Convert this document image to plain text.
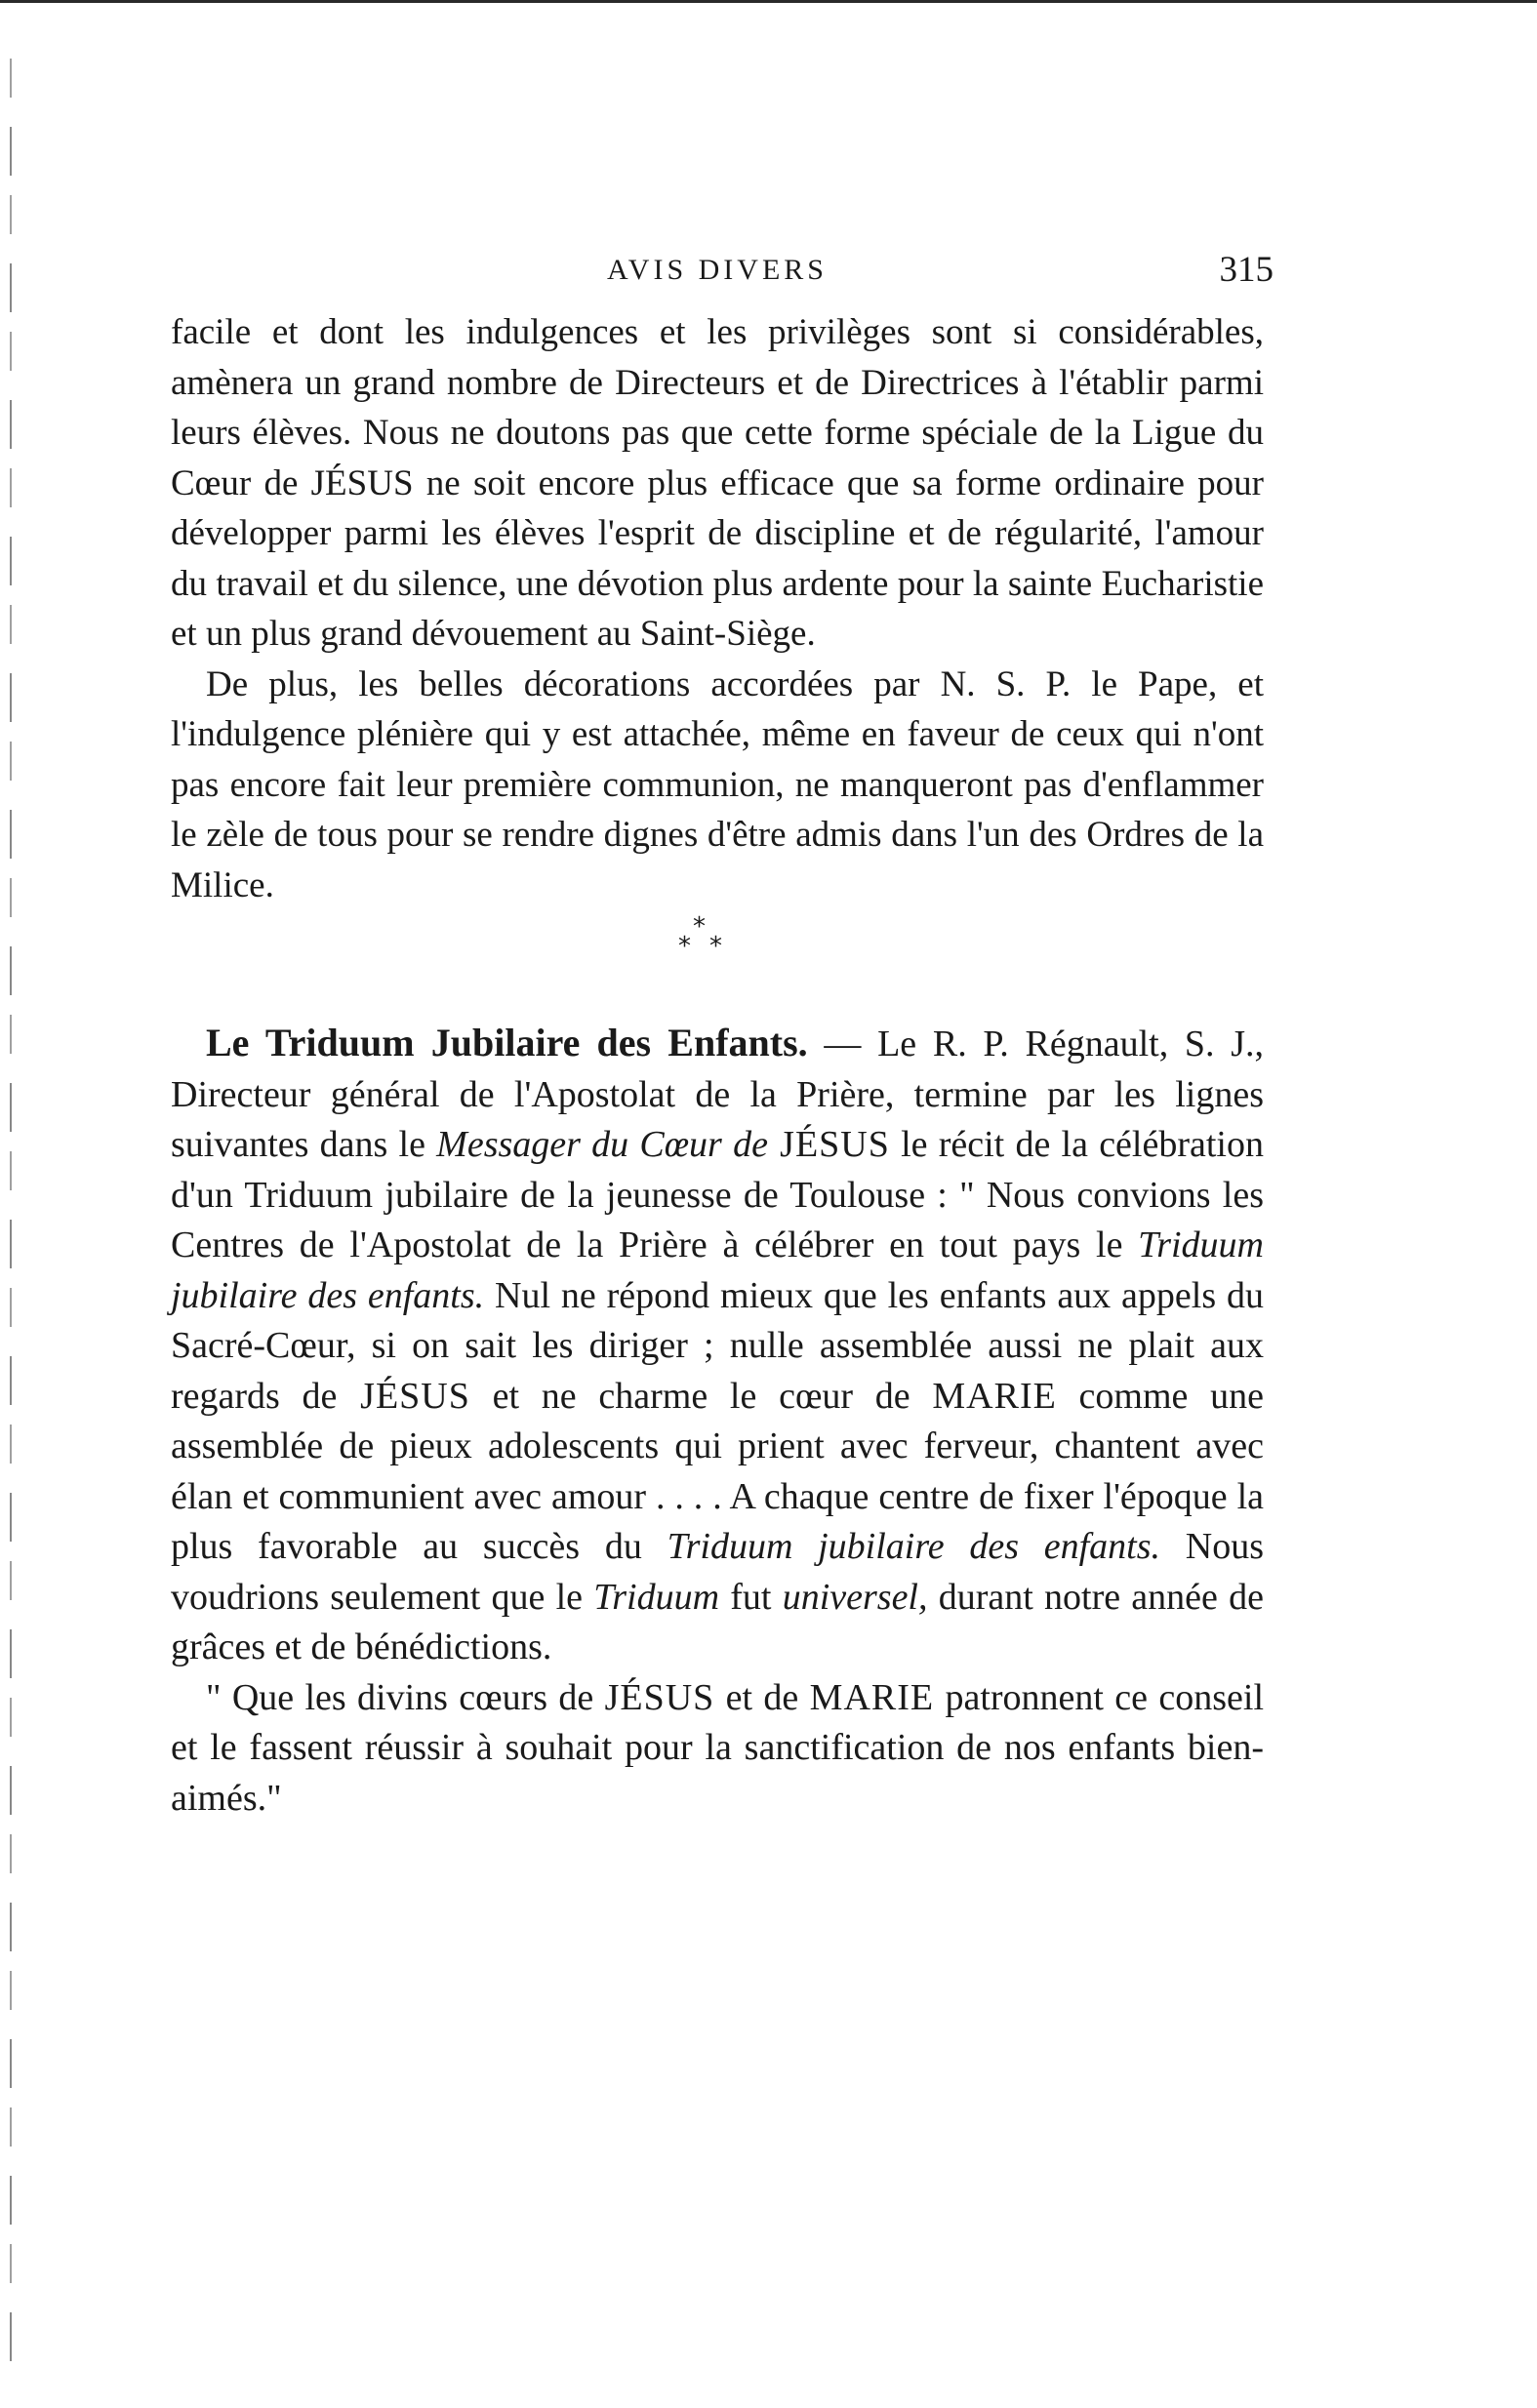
AVIS DIVERS	315

facile et dont les indulgences et les privilèges sont si considérables, amènera un grand nombre de Directeurs et de Directrices à l'établir parmi leurs élèves. Nous ne doutons pas que cette forme spéciale de la Ligue du Cœur de JÉSUS ne soit encore plus efficace que sa forme ordinaire pour développer parmi les élèves l'esprit de discipline et de régularité, l'amour du travail et du silence, une dévotion plus ardente pour la sainte Eucharistie et un plus grand dévouement au Saint-Siège.

De plus, les belles décorations accordées par N. S. P. le Pape, et l'indulgence plénière qui y est attachée, même en faveur de ceux qui n'ont pas encore fait leur première communion, ne manqueront pas d'enflammer le zèle de tous pour se rendre dignes d'être admis dans l'un des Ordres de la Milice.

*
* *

Le Triduum Jubilaire des Enfants. — Le R. P. Régnault, S. J., Directeur général de l'Apostolat de la Prière, termine par les lignes suivantes dans le Messager du Cœur de JÉSUS le récit de la célébration d'un Triduum jubilaire de la jeunesse de Toulouse : " Nous convions les Centres de l'Apostolat de la Prière à célébrer en tout pays le Triduum jubilaire des enfants. Nul ne répond mieux que les enfants aux appels du Sacré-Cœur, si on sait les diriger ; nulle assemblée aussi ne plait aux regards de JÉSUS et ne charme le cœur de MARIE comme une assemblée de pieux adolescents qui prient avec ferveur, chantent avec élan et communient avec amour . . . . A chaque centre de fixer l'époque la plus favorable au succès du Triduum jubilaire des enfants. Nous voudrions seulement que le Triduum fut universel, durant notre année de grâces et de bénédictions.

" Que les divins cœurs de JÉSUS et de MARIE patronnent ce conseil et le fassent réussir à souhait pour la sanctification de nos enfants bien-aimés."
